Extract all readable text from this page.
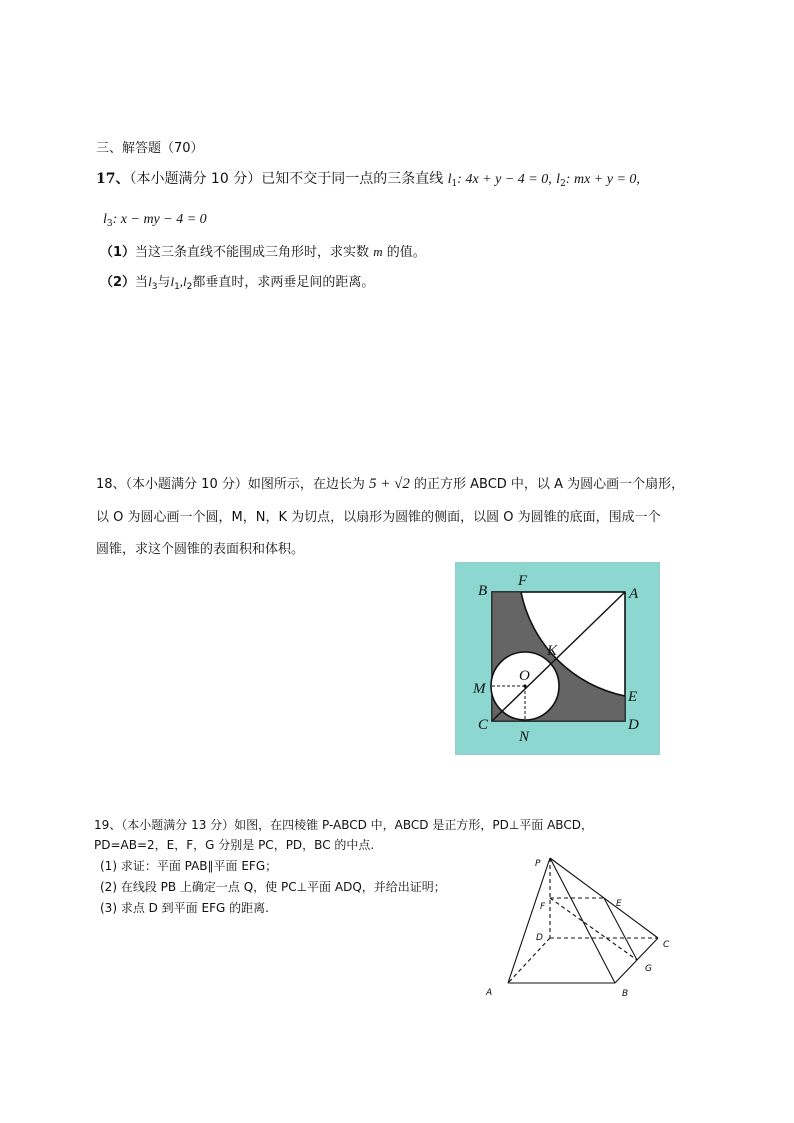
三、解答题（70）
17、（本小题满分 10 分）已知不交于同一点的三条直线 $l_1$: 4x + y − 4 = 0, $l_2$: mx + y = 0,
$l_3$: x − my − 4 = 0
（1）当这三条直线不能围成三角形时，求实数 m 的值。
（2）当$l_3$与$l_1,l_2$都垂直时，求两垂足间的距离。
18、（本小题满分 10 分）如图所示，在边长为 5 + √2 的正方形 ABCD 中，以 A 为圆心画一个扇形，
以 O 为圆心画一个圆，M，N，K 为切点，以扇形为圆锥的侧面，以圆 O 为圆锥的底面，围成一个
圆锥，求这个圆锥的表面积和体积。
B
F
A
K
O
M	E
C
N
D
19、（本小题满分 13 分）如图，在四棱锥 P-ABCD 中，ABCD 是正方形，PD⊥平面 ABCD，
PD=AB=2，E，F，G 分别是 PC，PD，BC 的中点.
(1) 求证：平面 PAB∥平面 EFG；
(2) 在线段 PB 上确定一点 Q，使 PC⊥平面 ADQ，并给出证明；
(3) 求点 D 到平面 EFG 的距离.
P
F	E
D
C
G
A	B
